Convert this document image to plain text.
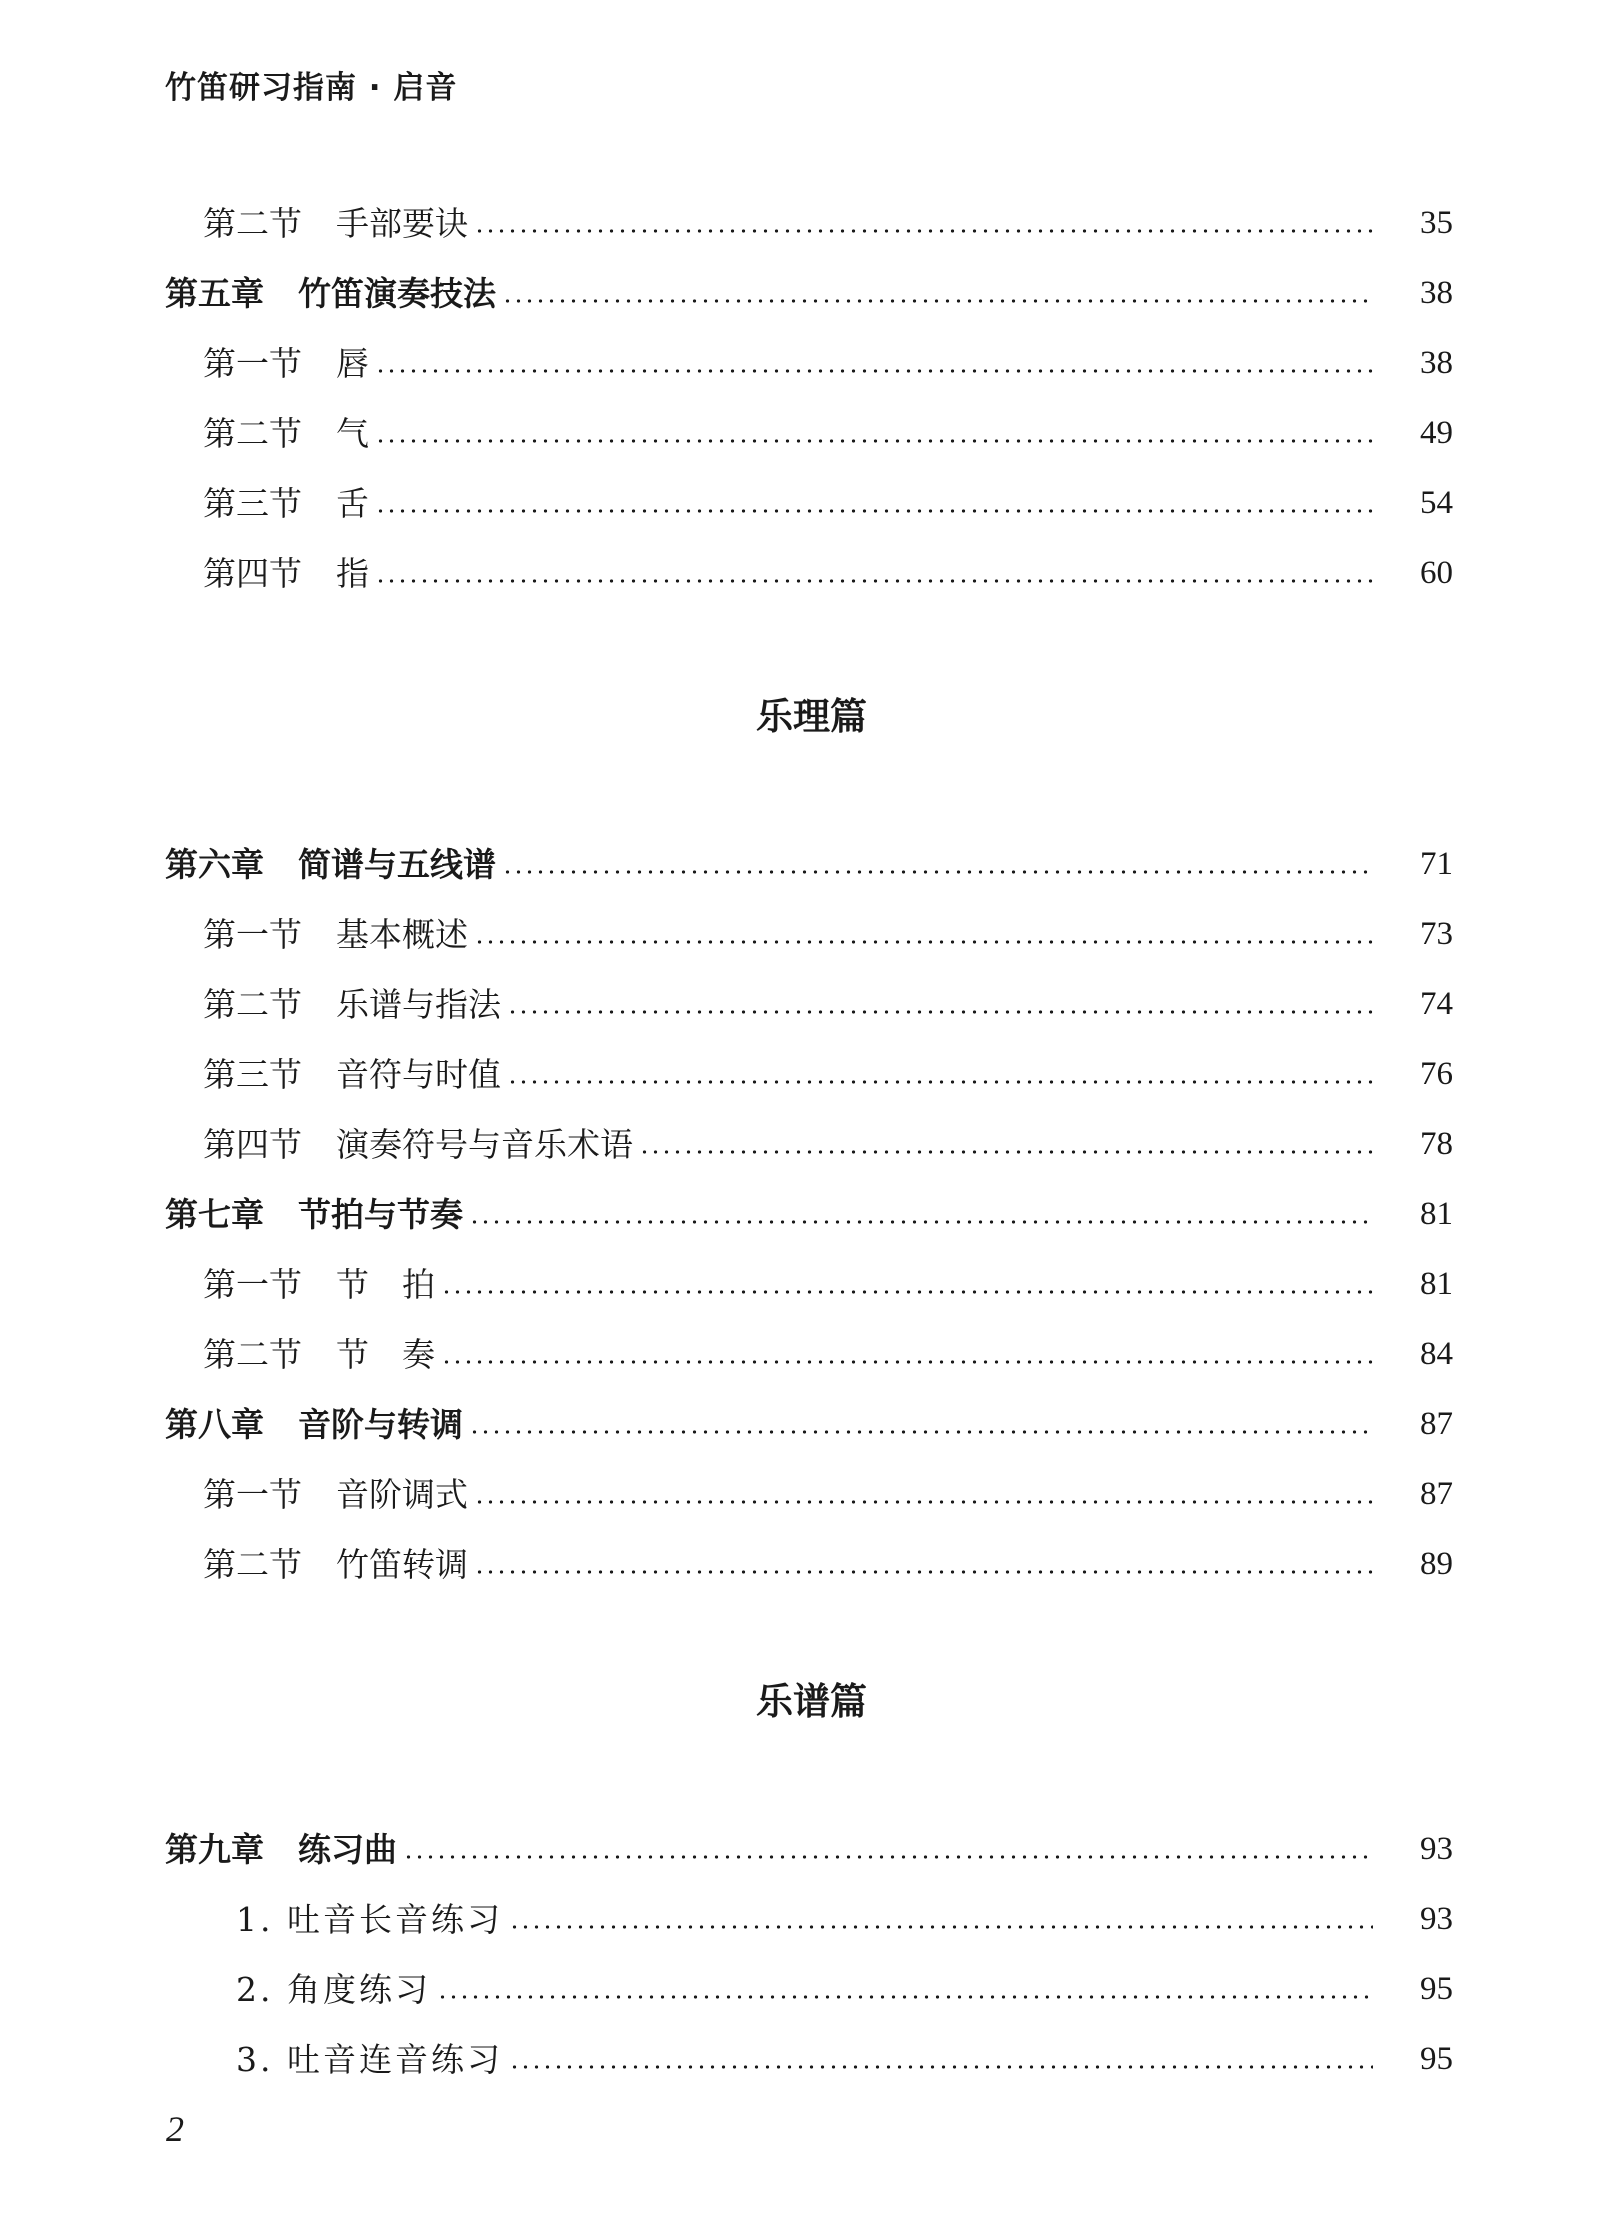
竹笛研习指南 · 启音
第二节 手部要诀	35
第五章 竹笛演奏技法	38
第一节 唇	38
第二节 气	49
第三节 舌	54
第四节 指	60
乐理篇
第六章 简谱与五线谱	71
第一节 基本概述	73
第二节 乐谱与指法	74
第三节 音符与时值	76
第四节 演奏符号与音乐术语	78
第七章 节拍与节奏	81
第一节 节　拍	81
第二节 节　奏	84
第八章 音阶与转调	87
第一节 音阶调式	87
第二节 竹笛转调	89
乐谱篇
第九章 练习曲	93
1. 吐音长音练习	93
2. 角度练习	95
3. 吐音连音练习	95
2
